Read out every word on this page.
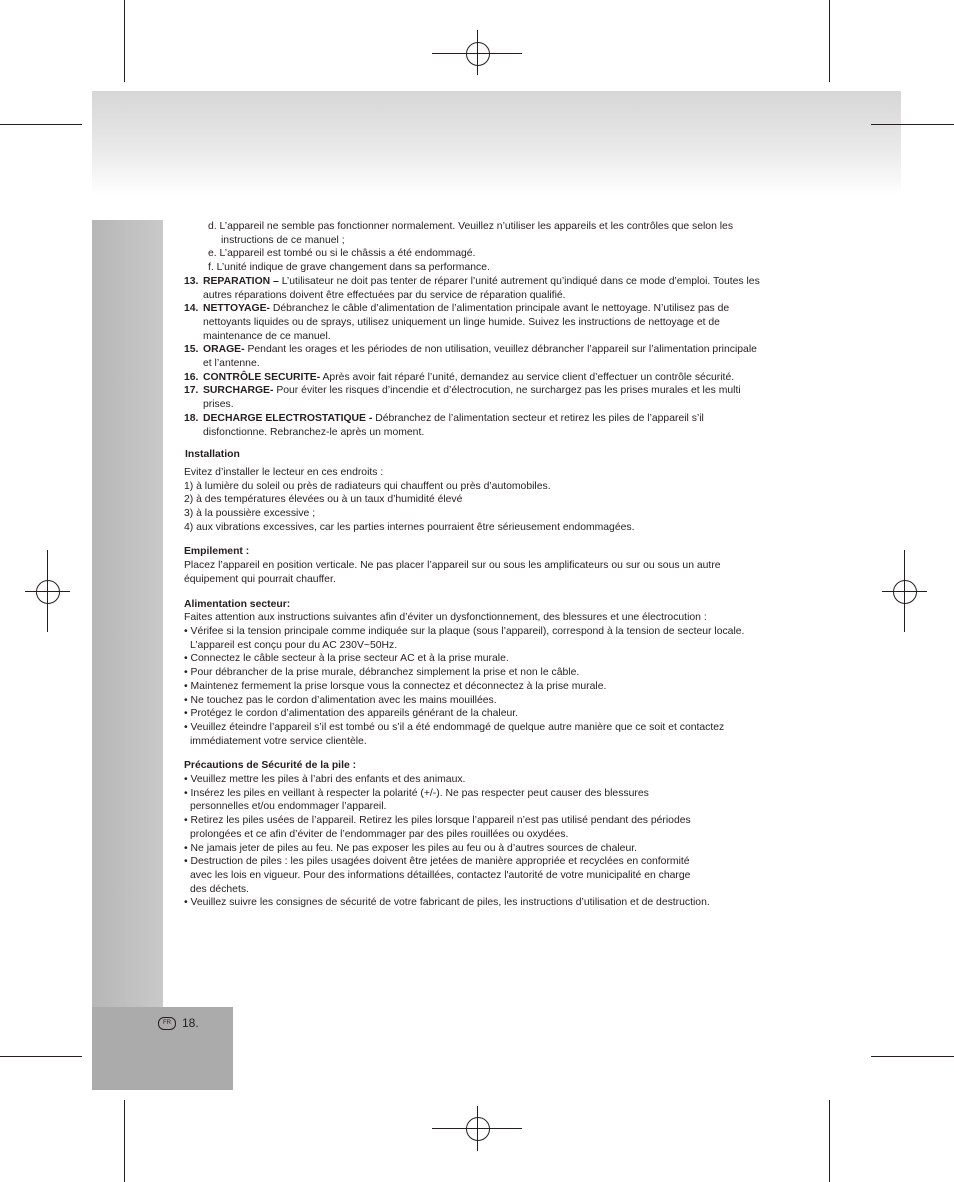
d. L’appareil ne semble pas fonctionner normalement. Veuillez n’utiliser les appareils et les contrôles que selon les instructions de ce manuel ;
e. L’appareil est tombé ou si le châssis a été endommagé.
f. L’unité indique de grave changement dans sa performance.
13. REPARATION – L’utilisateur ne doit pas tenter de réparer l’unité autrement qu’indiqué dans ce mode d’emploi. Toutes les autres réparations doivent être effectuées par du service de réparation qualifié.
14. NETTOYAGE- Débranchez le câble d’alimentation de l’alimentation principale avant le nettoyage. N’utilisez pas de nettoyants liquides ou de sprays, utilisez uniquement un linge humide. Suivez les instructions de nettoyage et de maintenance de ce manuel.
15. ORAGE- Pendant les orages et les périodes de non utilisation, veuillez débrancher l’appareil sur l’alimentation principale et l’antenne.
16. CONTRÔLE SECURITE- Après avoir fait réparé l’unité, demandez au service client d’effectuer un contrôle sécurité.
17. SURCHARGE- Pour éviter les risques d’incendie et d’électrocution, ne surchargez pas les prises murales et les multi prises.
18. DECHARGE ELECTROSTATIQUE - Débranchez de l’alimentation secteur et retirez les piles de l’appareil s’il disfonctionne. Rebranchez-le après un moment.
Installation
Evitez d’installer le lecteur en ces endroits :
1) à lumière du soleil ou près de radiateurs qui chauffent ou près d’automobiles.
2) à des températures élevées ou à un taux d’humidité élevé
3) à la poussière excessive ;
4) aux vibrations excessives, car les parties internes pourraient être sérieusement endommagées.
Empilement :
Placez l’appareil en position verticale. Ne pas placer l’appareil sur ou sous les amplificateurs ou sur ou sous un autre équipement qui pourrait chauffer.
Alimentation secteur:
Faites attention aux instructions suivantes afin d’éviter un dysfonctionnement, des blessures et une électrocution :
• Vérifee si la tension principale comme indiquée sur la plaque (sous l’appareil), correspond à la tension de secteur locale. L’appareil est conçu pour du AC 230V~50Hz.
• Connectez le câble secteur à la prise secteur AC et à la prise murale.
• Pour débrancher de la prise murale, débranchez simplement la prise et non le câble.
• Maintenez fermement la prise lorsque vous la connectez et déconnectez à la prise murale.
• Ne touchez pas le cordon d’alimentation avec les mains mouillées.
• Protégez le cordon d’alimentation des appareils générant de la chaleur.
• Veuillez éteindre l’appareil s’il est tombé ou s’il a été endommagé de quelque autre manière que ce soit et contactez immédiatement votre service clientèle.
Précautions de Sécurité de la pile :
• Veuillez mettre les piles à l’abri des enfants et des animaux.
• Insérez les piles en veillant à respecter la polarité (+/-). Ne pas respecter peut causer des blessures personnelles et/ou endommager l’appareil.
• Retirez les piles usées de l’appareil. Retirez les piles lorsque l’appareil n’est pas utilisé pendant des périodes prolongées et ce afin d’éviter de l’endommager par des piles rouillées ou oxydées.
• Ne jamais jeter de piles au feu. Ne pas exposer les piles au feu ou à d’autres sources de chaleur.
• Destruction de piles : les piles usagées doivent être jetées de manière appropriée et recyclées en conformité avec les lois en vigueur. Pour des informations détaillées, contactez l'autorité de votre municipalité en charge des déchets.
• Veuillez suivre les consignes de sécurité de votre fabricant de piles, les instructions d’utilisation et de destruction.
FR 18.
